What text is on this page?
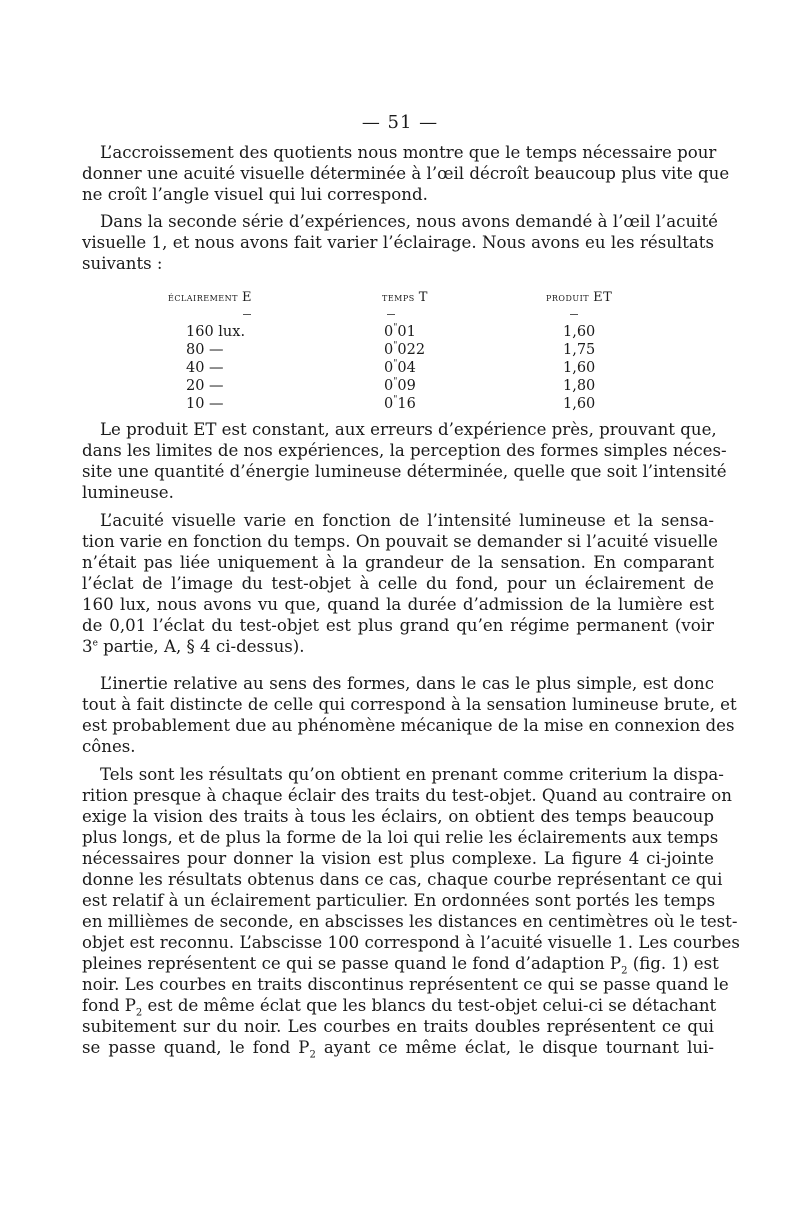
— 51 —
L’accroissement des quotients nous montre que le temps nécessaire pour
donner une acuité visuelle déterminée à l’œil décroît beaucoup plus vite que
ne croît l’angle visuel qui lui correspond.
Dans la seconde série d’expériences, nous avons demandé à l’œil l’acuité
visuelle 1, et nous avons fait varier l’éclairage. Nous avons eu les résultats
suivants :
éclairement E	temps T	produit ET
160 lux.	0"01	1,60
80 —	0"022	1,75
40 —	0"04	1,60
20 —	0"09	1,80
10 —	0"16	1,60
Le produit ET est constant, aux erreurs d’expérience près, prouvant que,
dans les limites de nos expériences, la perception des formes simples néces-
site une quantité d’énergie lumineuse déterminée, quelle que soit l’intensité
lumineuse.
L’acuité visuelle varie en fonction de l’intensité lumineuse et la sensa-
tion varie en fonction du temps. On pouvait se demander si l’acuité visuelle
n’était pas liée uniquement à la grandeur de la sensation. En comparant
l’éclat de l’image du test-objet à celle du fond, pour un éclairement de
160 lux, nous avons vu que, quand la durée d’admission de la lumière est
de 0,01 l’éclat du test-objet est plus grand qu’en régime permanent (voir
3e partie, A, § 4 ci-dessus).
L’inertie relative au sens des formes, dans le cas le plus simple, est donc
tout à fait distincte de celle qui correspond à la sensation lumineuse brute, et
est probablement due au phénomène mécanique de la mise en connexion des
cônes.
Tels sont les résultats qu’on obtient en prenant comme criterium la dispa-
rition presque à chaque éclair des traits du test-objet. Quand au contraire on
exige la vision des traits à tous les éclairs, on obtient des temps beaucoup
plus longs, et de plus la forme de la loi qui relie les éclairements aux temps
nécessaires pour donner la vision est plus complexe. La figure 4 ci-jointe
donne les résultats obtenus dans ce cas, chaque courbe représentant ce qui
est relatif à un éclairement particulier. En ordonnées sont portés les temps
en millièmes de seconde, en abscisses les distances en centimètres où le test-
objet est reconnu. L’abscisse 100 correspond à l’acuité visuelle 1. Les courbes
pleines représentent ce qui se passe quand le fond d’adaption $P_2$ (fig. 1) est
noir. Les courbes en traits discontinus représentent ce qui se passe quand le
fond $P_2$ est de même éclat que les blancs du test-objet celui-ci se détachant
subitement sur du noir. Les courbes en traits doubles représentent ce qui
se passe quand, le fond $P_2$ ayant ce même éclat, le disque tournant lui-
